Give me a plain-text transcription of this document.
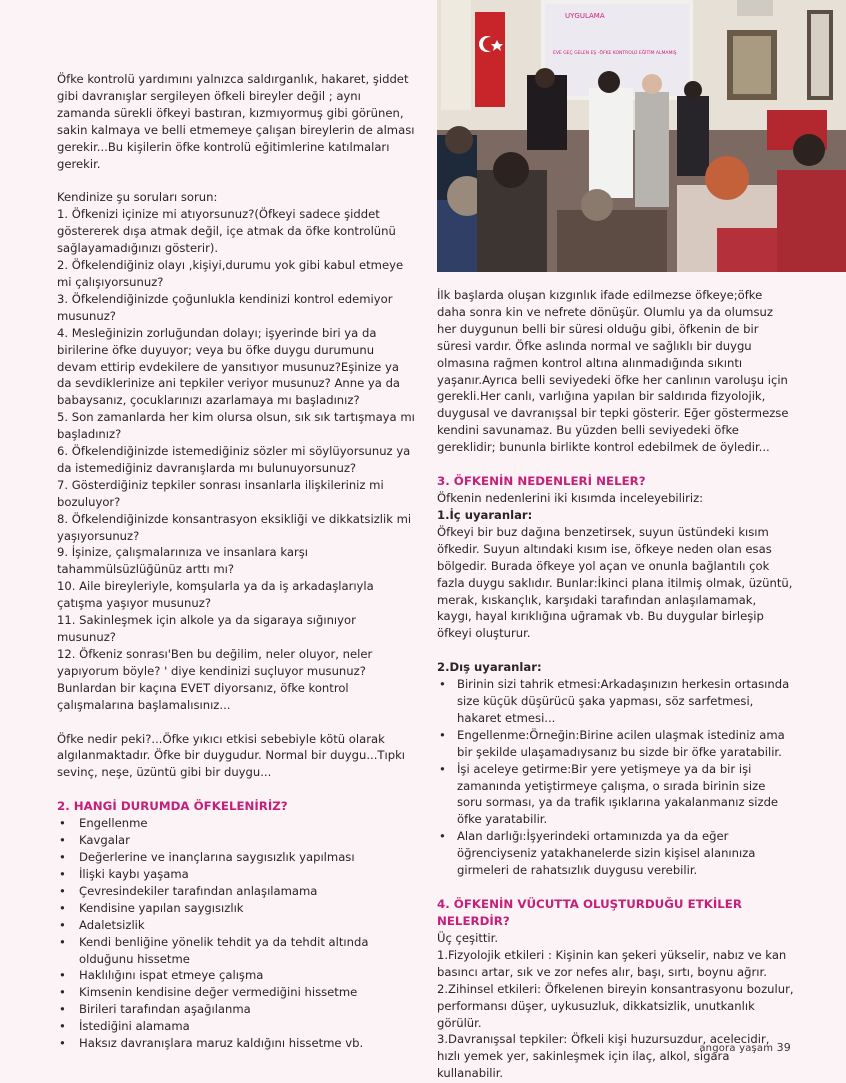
Öfke kontrolü yardımını yalnızca saldırganlık, hakaret, şiddet gibi davranışlar sergileyen öfkeli bireyler değil ; aynı zamanda sürekli öfkeyi bastıran, kızmıyormuş gibi görünen, sakin kalmaya ve belli etmemeye çalışan bireylerin de alması gerekir...Bu kişilerin öfke kontrolü eğitimlerine katılmaları gerekir.

Kendinize şu soruları sorun:

1. Öfkenizi içinize mi atıyorsunuz?(Öfkeyi sadece şiddet göstererek dışa atmak değil, içe atmak da öfke kontrolünü sağlayamadığınızı gösterir).

2. Öfkelendiğiniz olayı ,kişiyi,durumu yok gibi kabul etmeye mi çalışıyorsunuz?

3. Öfkelendiğinizde çoğunlukla kendinizi kontrol edemiyor musunuz?

4. Mesleğinizin zorluğundan dolayı; işyerinde biri ya da birilerine öfke duyuyor; veya bu öfke duygu durumunu devam ettirip evdekilere de yansıtıyor musunuz?Eşinize ya da sevdiklerinize ani tepkiler veriyor musunuz? Anne ya da babaysanız, çocuklarınızı azarlamaya mı başladınız?

5. Son zamanlarda her kim olursa olsun, sık sık tartışmaya mı başladınız?

6. Öfkelendiğinizde istemediğiniz sözler mi söylüyorsunuz ya da istemediğiniz davranışlarda mı bulunuyorsunuz?

7. Gösterdiğiniz tepkiler sonrası insanlarla ilişkileriniz mi bozuluyor?

8. Öfkelendiğinizde konsantrasyon eksikliği ve dikkatsizlik mi yaşıyorsunuz?

9. İşinize, çalışmalarınıza ve insanlara karşı tahammülsüzlüğünüz arttı mı?

10. Aile bireyleriyle, komşularla ya da iş arkadaşlarıyla çatışma yaşıyor musunuz?

11. Sakinleşmek için alkole ya da sigaraya sığınıyor musunuz?

12. Öfkeniz sonrası'Ben bu değilim, neler oluyor, neler yapıyorum böyle? ' diye kendinizi suçluyor musunuz?

Bunlardan bir kaçına EVET diyorsanız, öfke kontrol çalışmalarına başlamalısınız...

Öfke nedir peki?...Öfke yıkıcı etkisi sebebiyle kötü olarak algılanmaktadır. Öfke bir duygudur. Normal bir duygu...Tıpkı sevinç, neşe, üzüntü gibi bir duygu...

2. HANGİ DURUMDA ÖFKELENİRİZ?
• Engellenme
• Kavgalar
• Değerlerine ve inançlarına saygısızlık yapılması
• İlişki kaybı yaşama
• Çevresindekiler tarafından anlaşılamama
• Kendisine yapılan saygısızlık
• Adaletsizlik
• Kendi benliğine yönelik tehdit ya da tehdit altında olduğunu hissetme
• Haklılığını ispat etmeye çalışma
• Kimsenin kendisine değer vermediğini hissetme
• Birileri tarafından aşağılanma
• İstediğini alamama
• Haksız davranışlara maruz kaldığını hissetme vb.
UYGULAMA
EVE GEÇ GELEN EŞ -ÖFKE KONTROLÜ EĞİTİM ALMAMIŞ

İlk başlarda oluşan kızgınlık ifade edilmezse öfkeye;öfke daha sonra kin ve nefrete dönüşür. Olumlu ya da olumsuz her duygunun belli bir süresi olduğu gibi, öfkenin de bir süresi vardır. Öfke aslında normal ve sağlıklı bir duygu olmasına rağmen kontrol altına alınmadığında sıkıntı yaşanır.Ayrıca belli seviyedeki öfke her canlının varoluşu için gerekli.Her canlı, varlığına yapılan bir saldırıda fizyolojik, duygusal ve davranışsal bir tepki gösterir. Eğer göstermezse kendini savunamaz. Bu yüzden belli seviyedeki öfke gereklidir; bununla birlikte kontrol edebilmek de öyledir...

3. ÖFKENİN NEDENLERİ NELER?

Öfkenin nedenlerini iki kısımda inceleyebiliriz:

1.İç uyaranlar:

Öfkeyi bir buz dağına benzetirsek, suyun üstündeki kısım öfkedir. Suyun altındaki kısım ise, öfkeye neden olan esas bölgedir. Burada öfkeye yol açan ve onunla bağlantılı çok fazla duygu saklıdır. Bunlar:İkinci plana itilmiş olmak, üzüntü, merak, kıskançlık, karşıdaki tarafından anlaşılamamak, kaygı, hayal kırıklığına uğramak vb. Bu duygular birleşip öfkeyi oluşturur.

2.Dış uyaranlar:

• Birinin sizi tahrik etmesi:Arkadaşınızın herkesin ortasında size küçük düşürücü şaka yapması, söz sarfetmesi, hakaret etmesi...
• Engellenme:Örneğin:Birine acilen ulaşmak istediniz ama bir şekilde ulaşamadıysanız bu sizde bir öfke yaratabilir.
• İşi aceleye getirme:Bir yere yetişmeye ya da bir işi zamanında yetiştirmeye çalışma, o sırada birinin size soru sorması, ya da trafik ışıklarına yakalanmanız sizde öfke yaratabilir.
• Alan darlığı:İşyerindeki ortamınızda ya da eğer öğrenciyseniz yatakhanelerde sizin kişisel alanınıza girmeleri de rahatsızlık duygusu verebilir.
4. ÖFKENİN VÜCUTTA OLUŞTURDUĞU ETKİLER NELERDİR?

Üç çeşittir.

1.Fizyolojik etkileri : Kişinin kan şekeri yükselir, nabız ve kan basıncı artar, sık ve zor nefes alır, başı, sırtı, boynu ağrır.

2.Zihinsel etkileri: Öfkelenen bireyin konsantrasyonu bozulur, performansı düşer, uykusuzluk, dikkatsizlik, unutkanlık görülür.

3.Davranışsal tepkiler: Öfkeli kişi huzursuzdur, acelecidir, hızlı yemek yer, sakinleşmek için ilaç, alkol, sigara kullanabilir.

angora yaşam 39
